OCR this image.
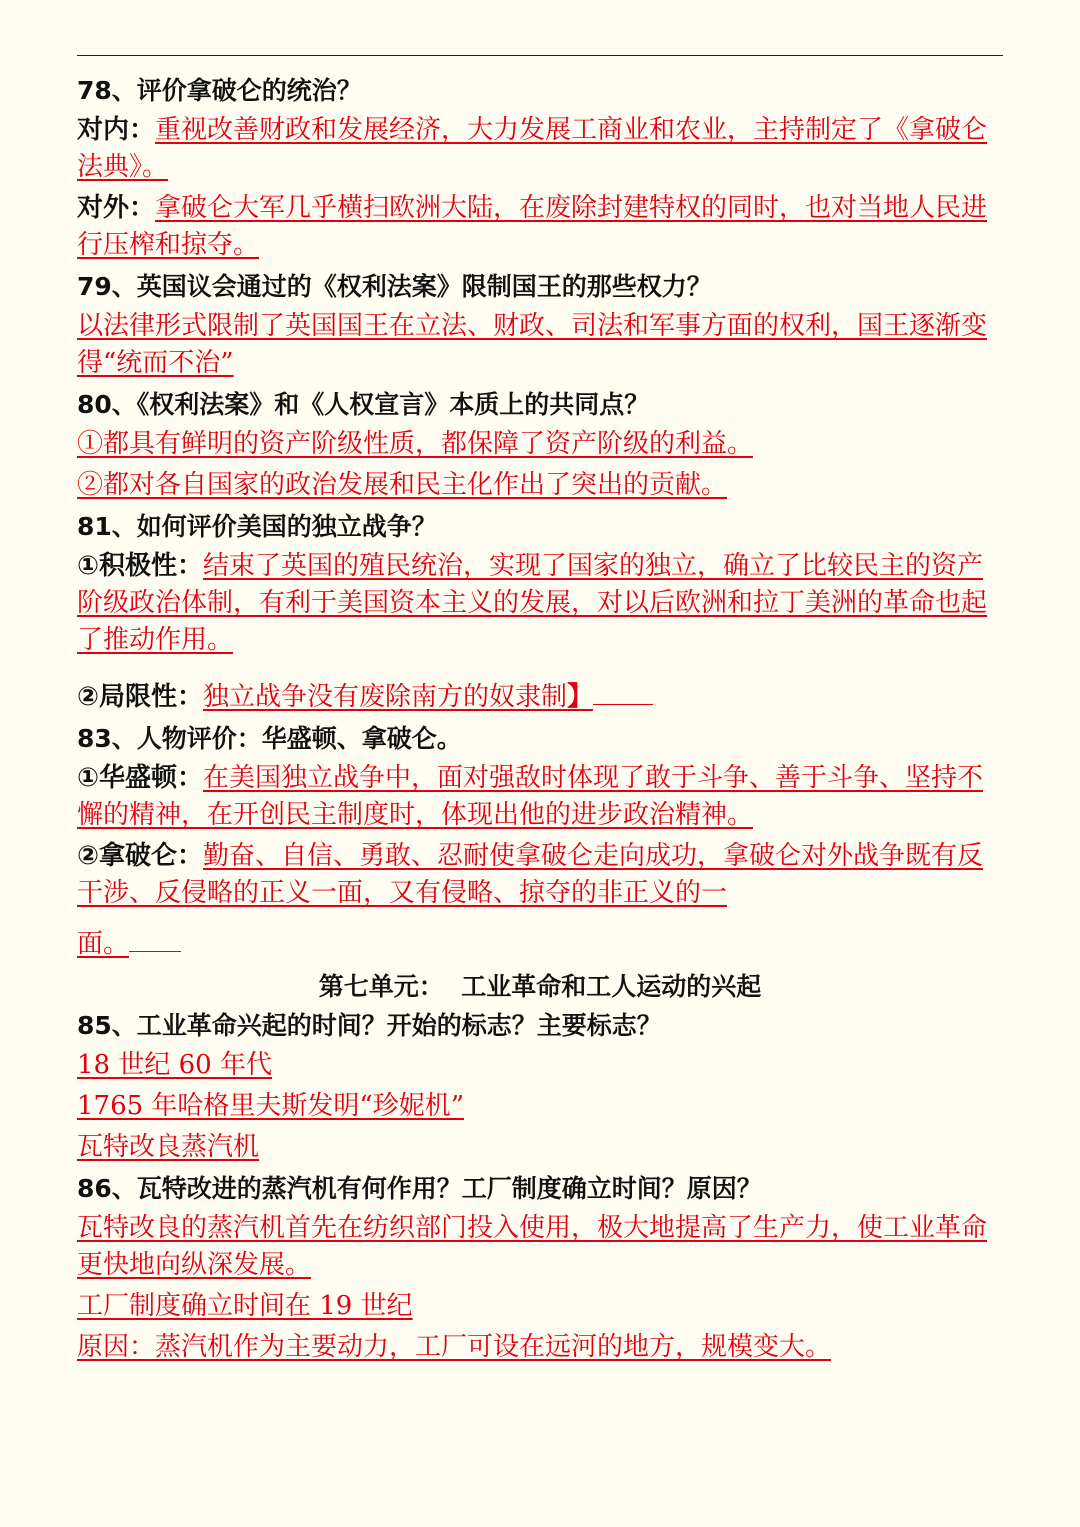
78、评价拿破仑的统治？

对内：重视改善财政和发展经济，大力发展工商业和农业，主持制定了《拿破仑法典》。

对外：拿破仑大军几乎横扫欧洲大陆，在废除封建特权的同时，也对当地人民进行压榨和掠夺。

79、英国议会通过的《权利法案》限制国王的那些权力？

以法律形式限制了英国国王在立法、财政、司法和军事方面的权利，国王逐渐变得“统而不治”

80、《权利法案》和《人权宣言》本质上的共同点？

①都具有鲜明的资产阶级性质，都保障了资产阶级的利益。

②都对各自国家的政治发展和民主化作出了突出的贡献。

81、如何评价美国的独立战争？

①积极性：结束了英国的殖民统治，实现了国家的独立，确立了比较民主的资产阶级政治体制，有利于美国资本主义的发展，对以后欧洲和拉丁美洲的革命也起了推动作用。

②局限性：独立战争没有废除南方的奴隶制】

83、人物评价：华盛顿、拿破仑。

①华盛顿：在美国独立战争中，面对强敌时体现了敢于斗争、善于斗争、坚持不懈的精神，在开创民主制度时，体现出他的进步政治精神。

②拿破仑：勤奋、自信、勇敢、忍耐使拿破仑走向成功，拿破仑对外战争既有反干涉、反侵略的正义一面，又有侵略、掠夺的非正义的一

面。

第七单元：  工业革命和工人运动的兴起

85、工业革命兴起的时间？开始的标志？主要标志？

18 世纪 60 年代

1765 年哈格里夫斯发明“珍妮机”

瓦特改良蒸汽机

86、瓦特改进的蒸汽机有何作用？工厂制度确立时间？原因？

瓦特改良的蒸汽机首先在纺织部门投入使用，极大地提高了生产力，使工业革命更快地向纵深发展。

工厂制度确立时间在 19 世纪

原因：蒸汽机作为主要动力，工厂可设在远河的地方，规模变大。
